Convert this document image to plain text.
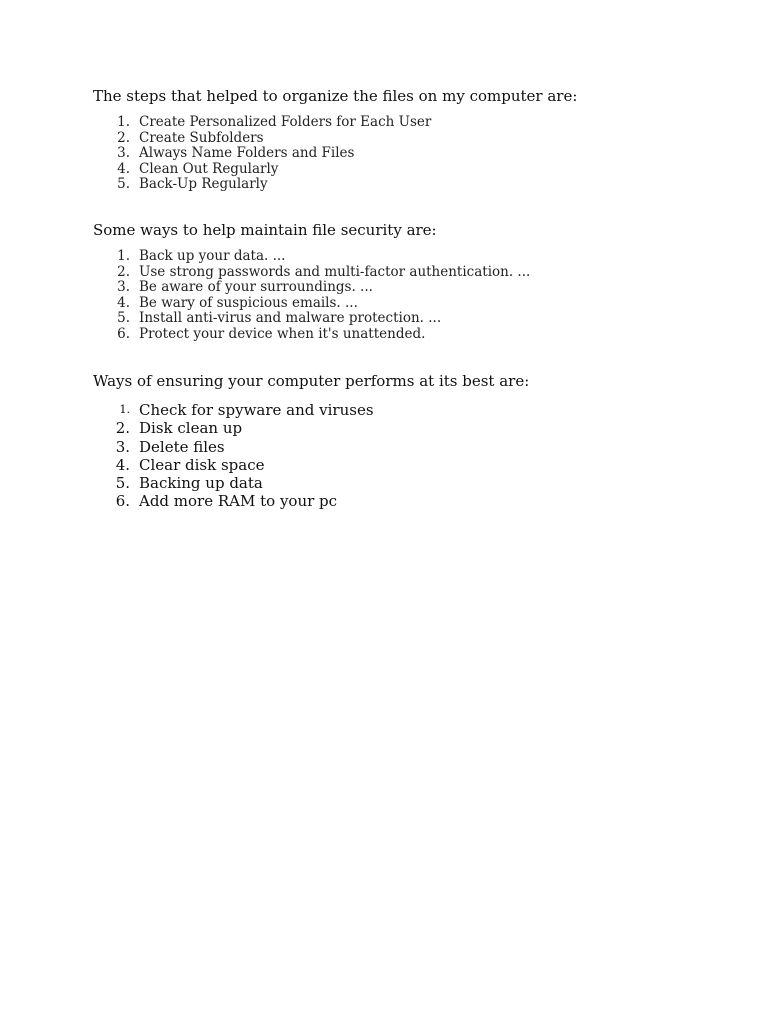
The steps that helped to organize the files on my computer are:
1. Create Personalized Folders for Each User
2. Create Subfolders
3. Always Name Folders and Files
4. Clean Out Regularly
5. Back-Up Regularly
Some ways to help maintain file security are:
1. Back up your data. ...
2. Use strong passwords and multi-factor authentication. ...
3. Be aware of your surroundings. ...
4. Be wary of suspicious emails. ...
5. Install anti-virus and malware protection. ...
6. Protect your device when it's unattended.
Ways of ensuring your computer performs at its best are:
1. Check for spyware and viruses
2. Disk clean up
3. Delete files
4. Clear disk space
5. Backing up data
6. Add more RAM to your pc
